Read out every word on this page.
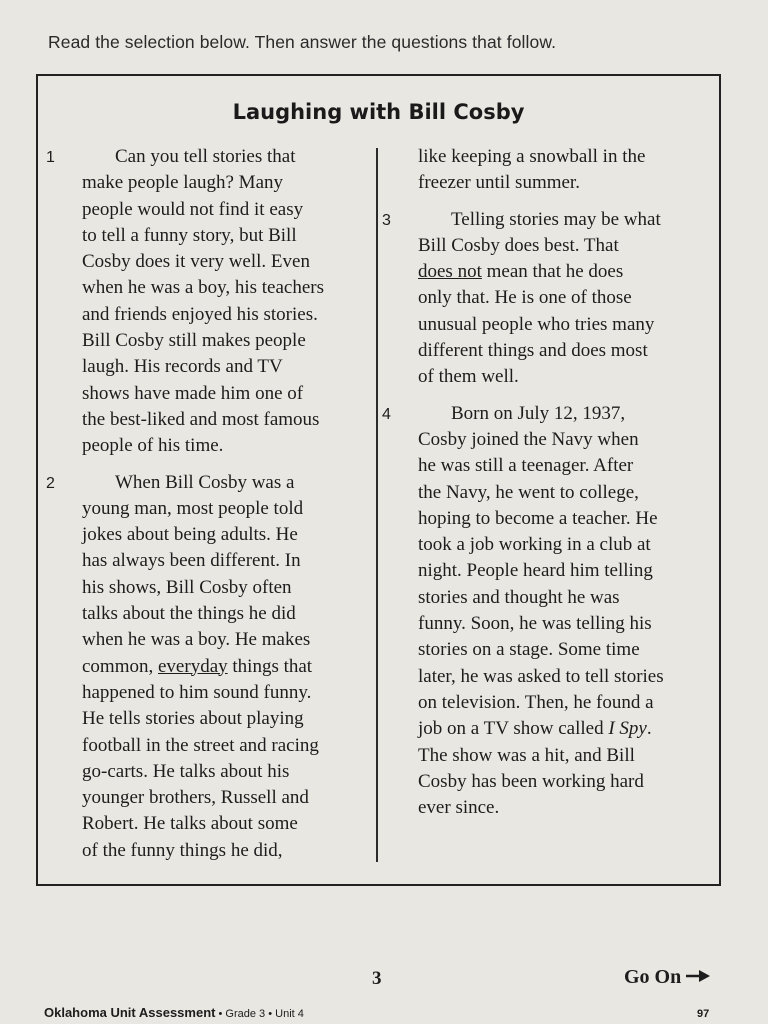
Read the selection below. Then answer the questions that follow.
Laughing with Bill Cosby
1	Can you tell stories that
make people laugh? Many
people would not find it easy
to tell a funny story, but Bill
Cosby does it very well. Even
when he was a boy, his teachers
and friends enjoyed his stories.
Bill Cosby still makes people
laugh. His records and TV
shows have made him one of
the best-liked and most famous
people of his time.
2	When Bill Cosby was a
young man, most people told
jokes about being adults. He
has always been different. In
his shows, Bill Cosby often
talks about the things he did
when he was a boy. He makes
common, everyday things that
happened to him sound funny.
He tells stories about playing
football in the street and racing
go-carts. He talks about his
younger brothers, Russell and
Robert. He talks about some
of the funny things he did,
like keeping a snowball in the
freezer until summer.
3	Telling stories may be what
Bill Cosby does best. That
does not mean that he does
only that. He is one of those
unusual people who tries many
different things and does most
of them well.
4	Born on July 12, 1937,
Cosby joined the Navy when
he was still a teenager. After
the Navy, he went to college,
hoping to become a teacher. He
took a job working in a club at
night. People heard him telling
stories and thought he was
funny. Soon, he was telling his
stories on a stage. Some time
later, he was asked to tell stories
on television. Then, he found a
job on a TV show called I Spy.
The show was a hit, and Bill
Cosby has been working hard
ever since.
3	Go On
Oklahoma Unit Assessment • Grade 3 • Unit 4	97
